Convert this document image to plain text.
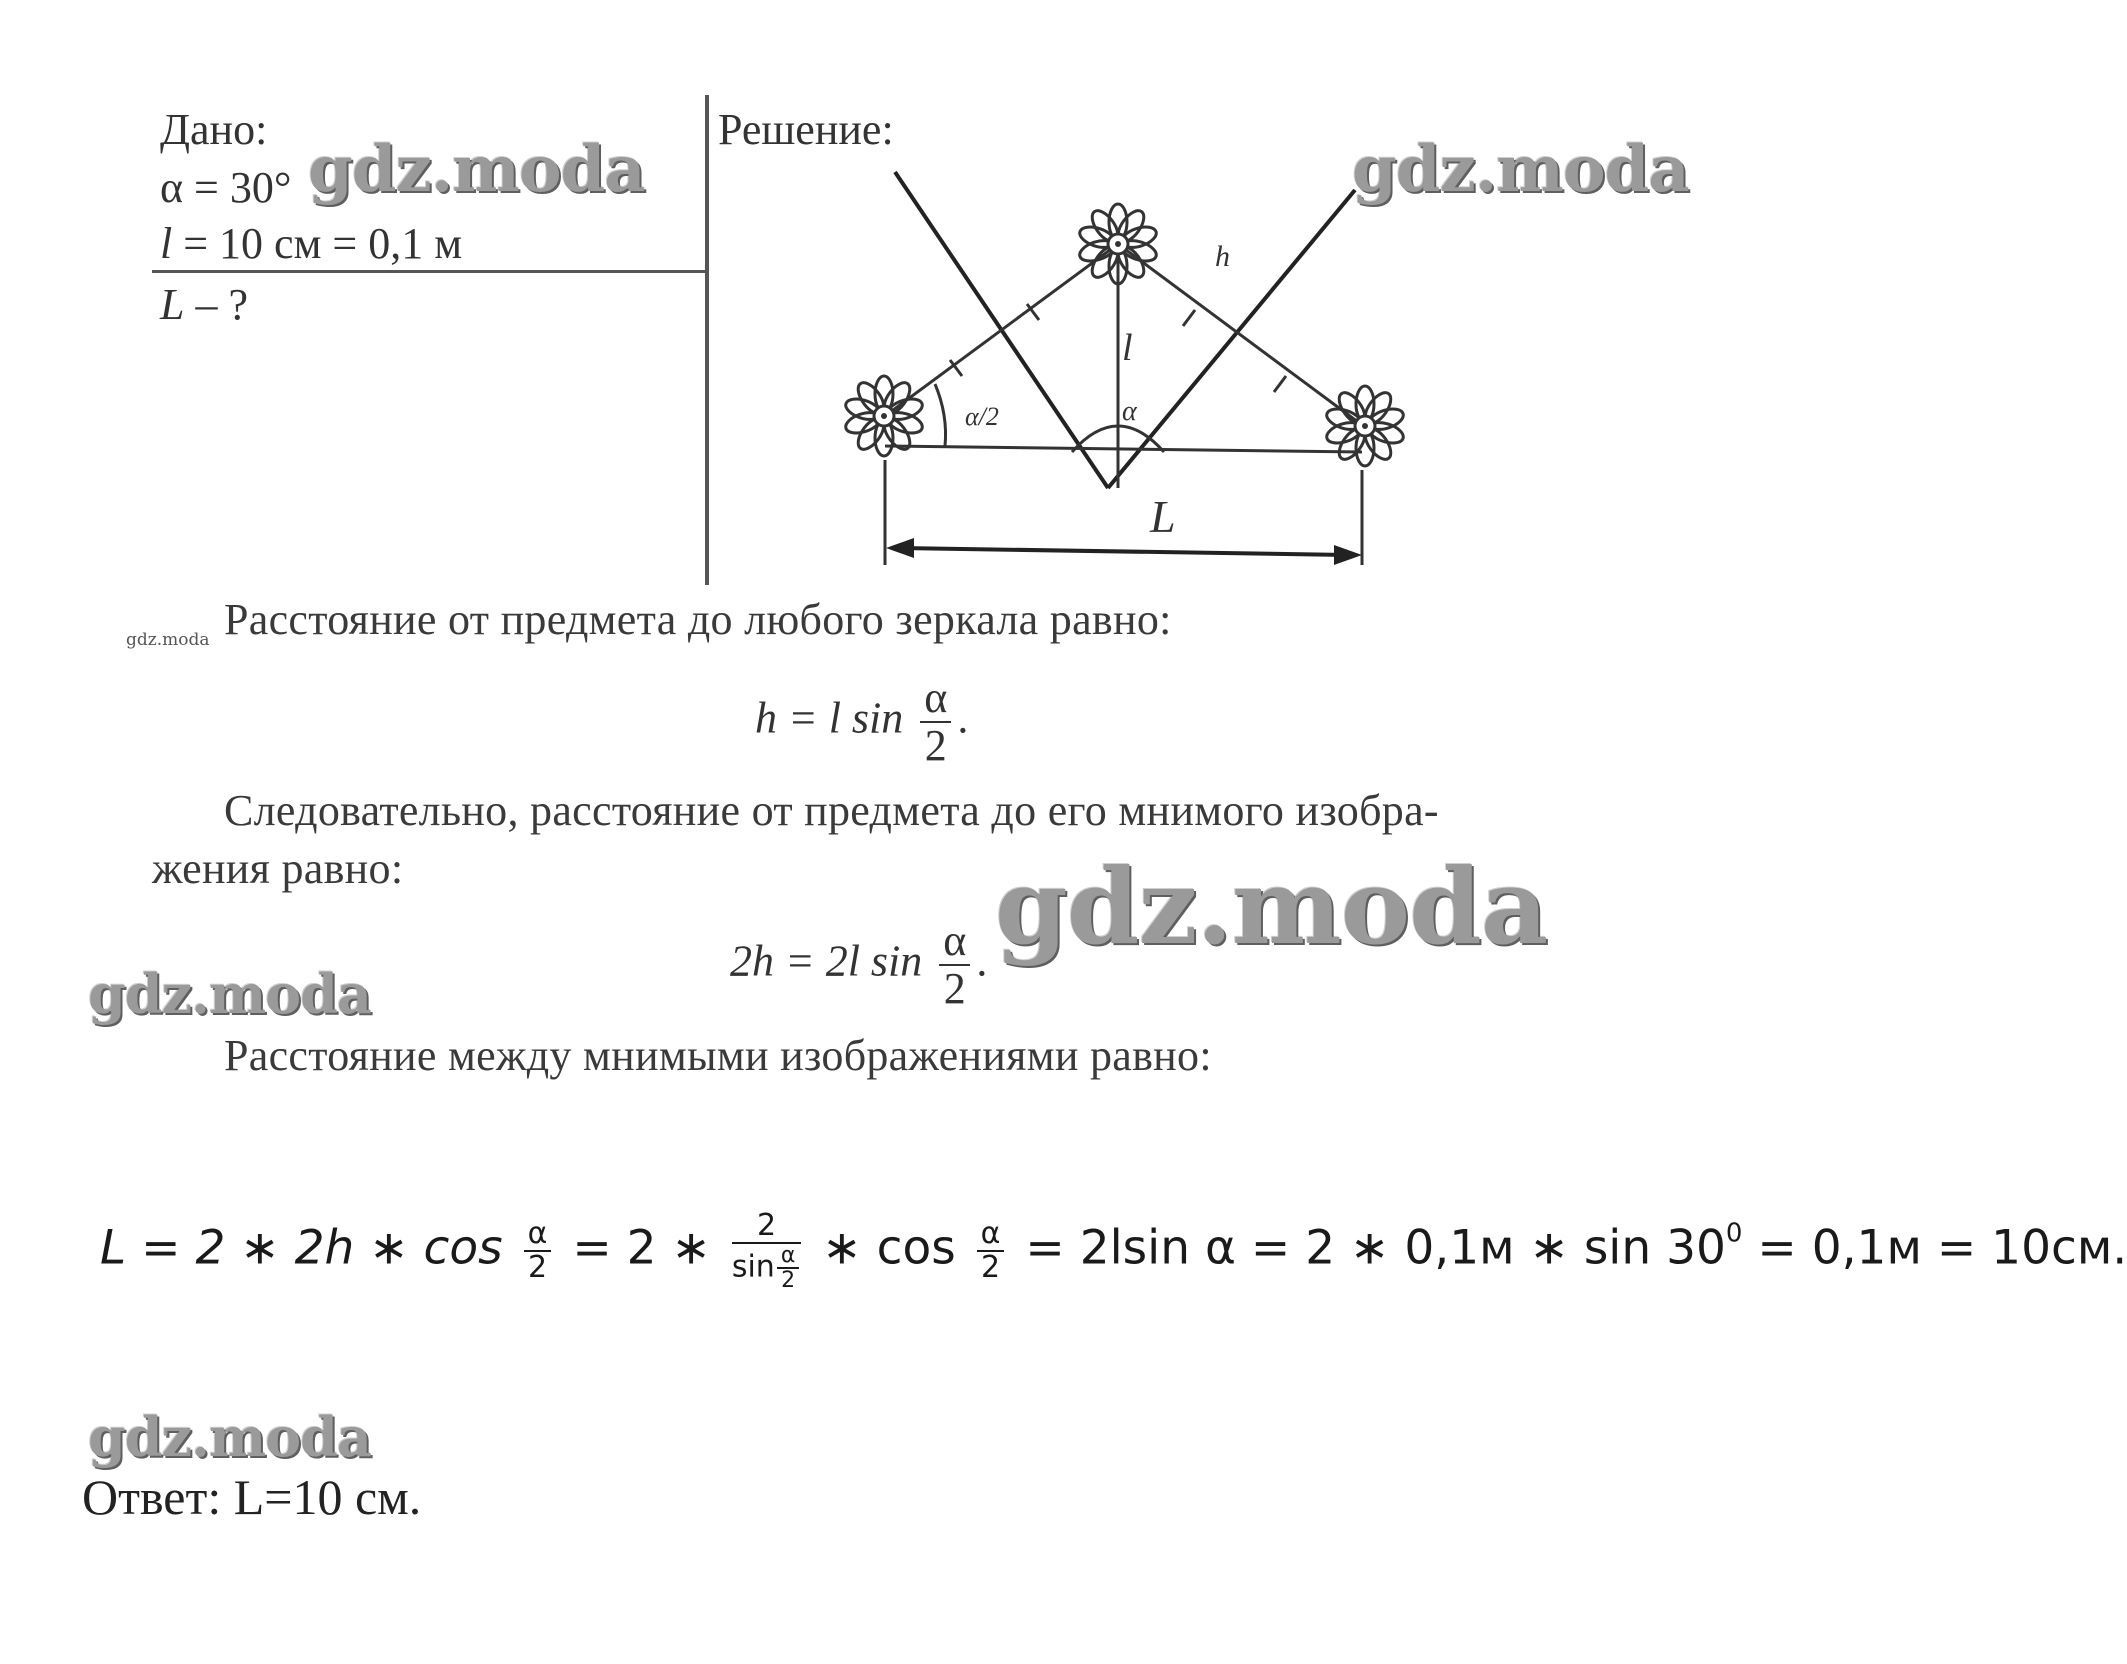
Дано:
α = 30°
l = 10 см = 0,1 м
L – ?
Решение:
h
l
α
α/2
L
Расстояние от предмета до любого зеркала равно:
h = l $\sin \frac{\alpha}{2}$ .
Следовательно, расстояние от предмета до его мнимого изобра-
жения равно:
2h = 2l $\sin \frac{\alpha}{2}$ .
Расстояние между мнимыми изображениями равно:
L = 2 ∗ 2h ∗ $\cos \frac{\alpha}{2} = 2$ ∗ $\frac{2}{\sin \frac{\alpha}{2}}$ ∗ $\cos \frac{\alpha}{2} = 2lsin$ α = 2 ∗ 0,1м ∗ $\sin 30^0 = 0,1м = 10см$.
Ответ: L=10 см.
gdz.moda	gdz.moda
gdz.moda
gdz.moda
gdz.moda
gdz.moda
